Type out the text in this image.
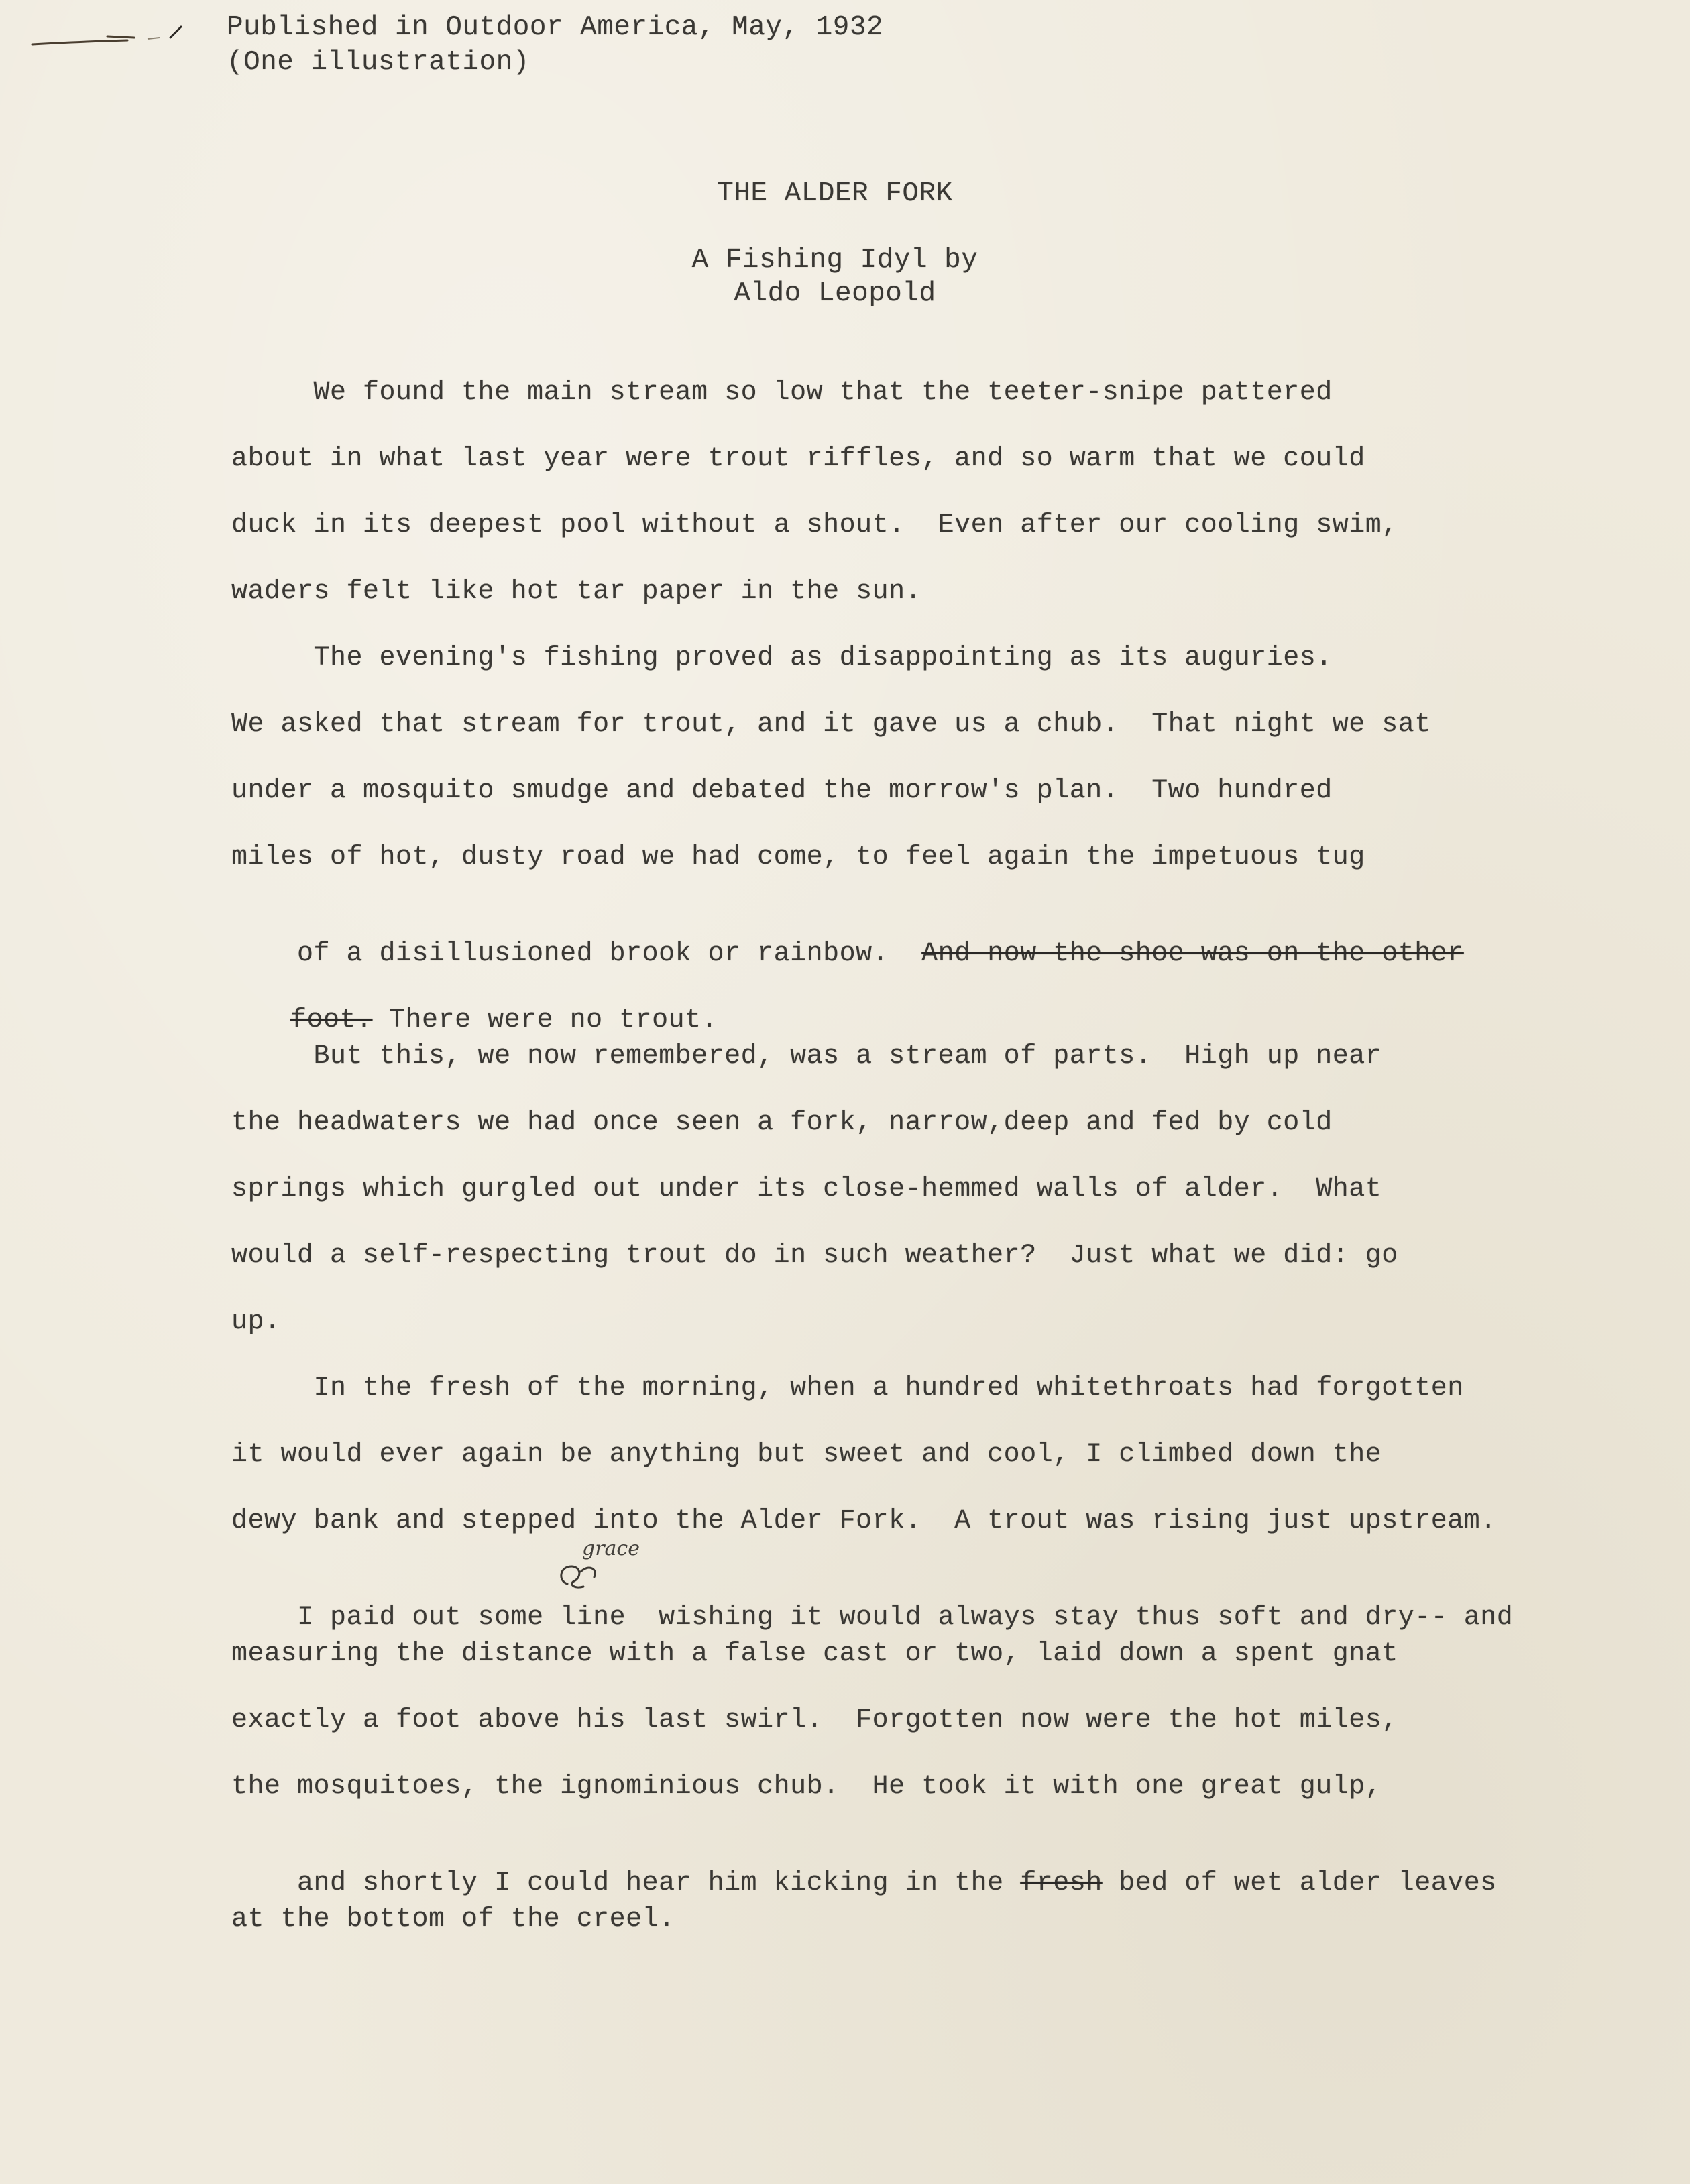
Published in Outdoor America, May, 1932
(One illustration)
THE ALDER FORK
A Fishing Idyl by
Aldo Leopold
We found the main stream so low that the teeter-snipe pattered
about in what last year were trout riffles, and so warm that we could
duck in its deepest pool without a shout.  Even after our cooling swim,
waders felt like hot tar paper in the sun.
The evening's fishing proved as disappointing as its auguries.
We asked that stream for trout, and it gave us a chub.  That night we sat
under a mosquito smudge and debated the morrow's plan.  Two hundred
miles of hot, dusty road we had come, to feel again the impetuous tug

of a disillusioned brook or rainbow.  And now the shoe was on the other

foot. There were no trout.

But this, we now remembered, was a stream of parts.  High up near
the headwaters we had once seen a fork, narrow,deep and fed by cold
springs which gurgled out under its close-hemmed walls of alder.  What
would a self-respecting trout do in such weather?  Just what we did: go
up.
In the fresh of the morning, when a hundred whitethroats had forgotten
it would ever again be anything but sweet and cool, I climbed down the
dewy bank and stepped into the Alder Fork.  A trout was rising just upstream.
grace

I paid out some line wishing it would always stay thus soft and dry-- and

measuring the distance with a false cast or two, laid down a spent gnat
exactly a foot above his last swirl.  Forgotten now were the hot miles,
the mosquitoes, the ignominious chub.  He took it with one great gulp,

and shortly I could hear him kicking in the fresh bed of wet alder leaves

at the bottom of the creel.
